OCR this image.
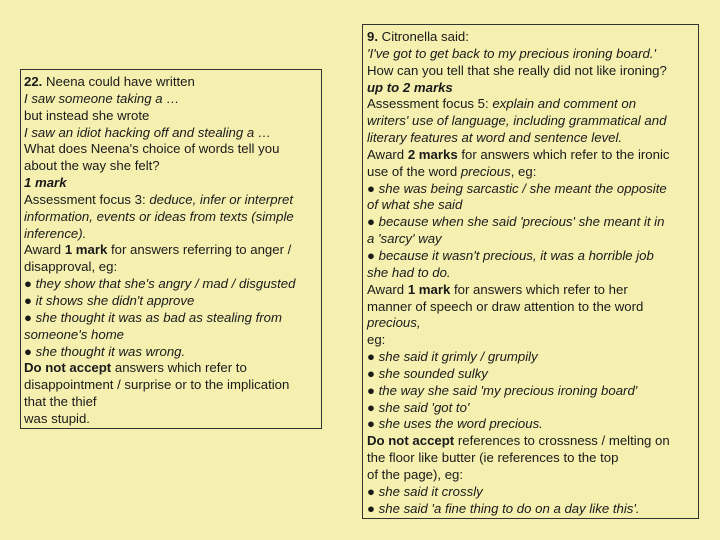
22. Neena could have written
I saw someone taking a …
but instead she wrote
I saw an idiot hacking off and stealing a …
What does Neena's choice of words tell you
about the way she felt?
1 mark
Assessment focus 3: deduce, infer or interpret
information, events or ideas from texts (simple
inference).
Award 1 mark for answers referring to anger /
disapproval, eg:
● they show that she's angry / mad / disgusted
● it shows she didn't approve
● she thought it was as bad as stealing from
someone's home
● she thought it was wrong.
Do not accept answers which refer to
disappointment / surprise or to the implication
that the thief
was stupid.
9. Citronella said:
'I've got to get back to my precious ironing board.'
How can you tell that she really did not like ironing?
up to 2 marks
Assessment focus 5: explain and comment on
writers' use of language, including grammatical and
literary features at word and sentence level.
Award 2 marks for answers which refer to the ironic
use of the word precious, eg:
● she was being sarcastic / she meant the opposite
of what she said
● because when she said 'precious' she meant it in
a 'sarcy' way
● because it wasn't precious, it was a horrible job
she had to do.
Award 1 mark for answers which refer to her
manner of speech or draw attention to the word
precious,
eg:
● she said it grimly / grumpily
● she sounded sulky
● the way she said 'my precious ironing board'
● she said 'got to'
● she uses the word precious.
Do not accept references to crossness / melting on
the floor like butter (ie references to the top
of the page), eg:
● she said it crossly
● she said 'a fine thing to do on a day like this'.
